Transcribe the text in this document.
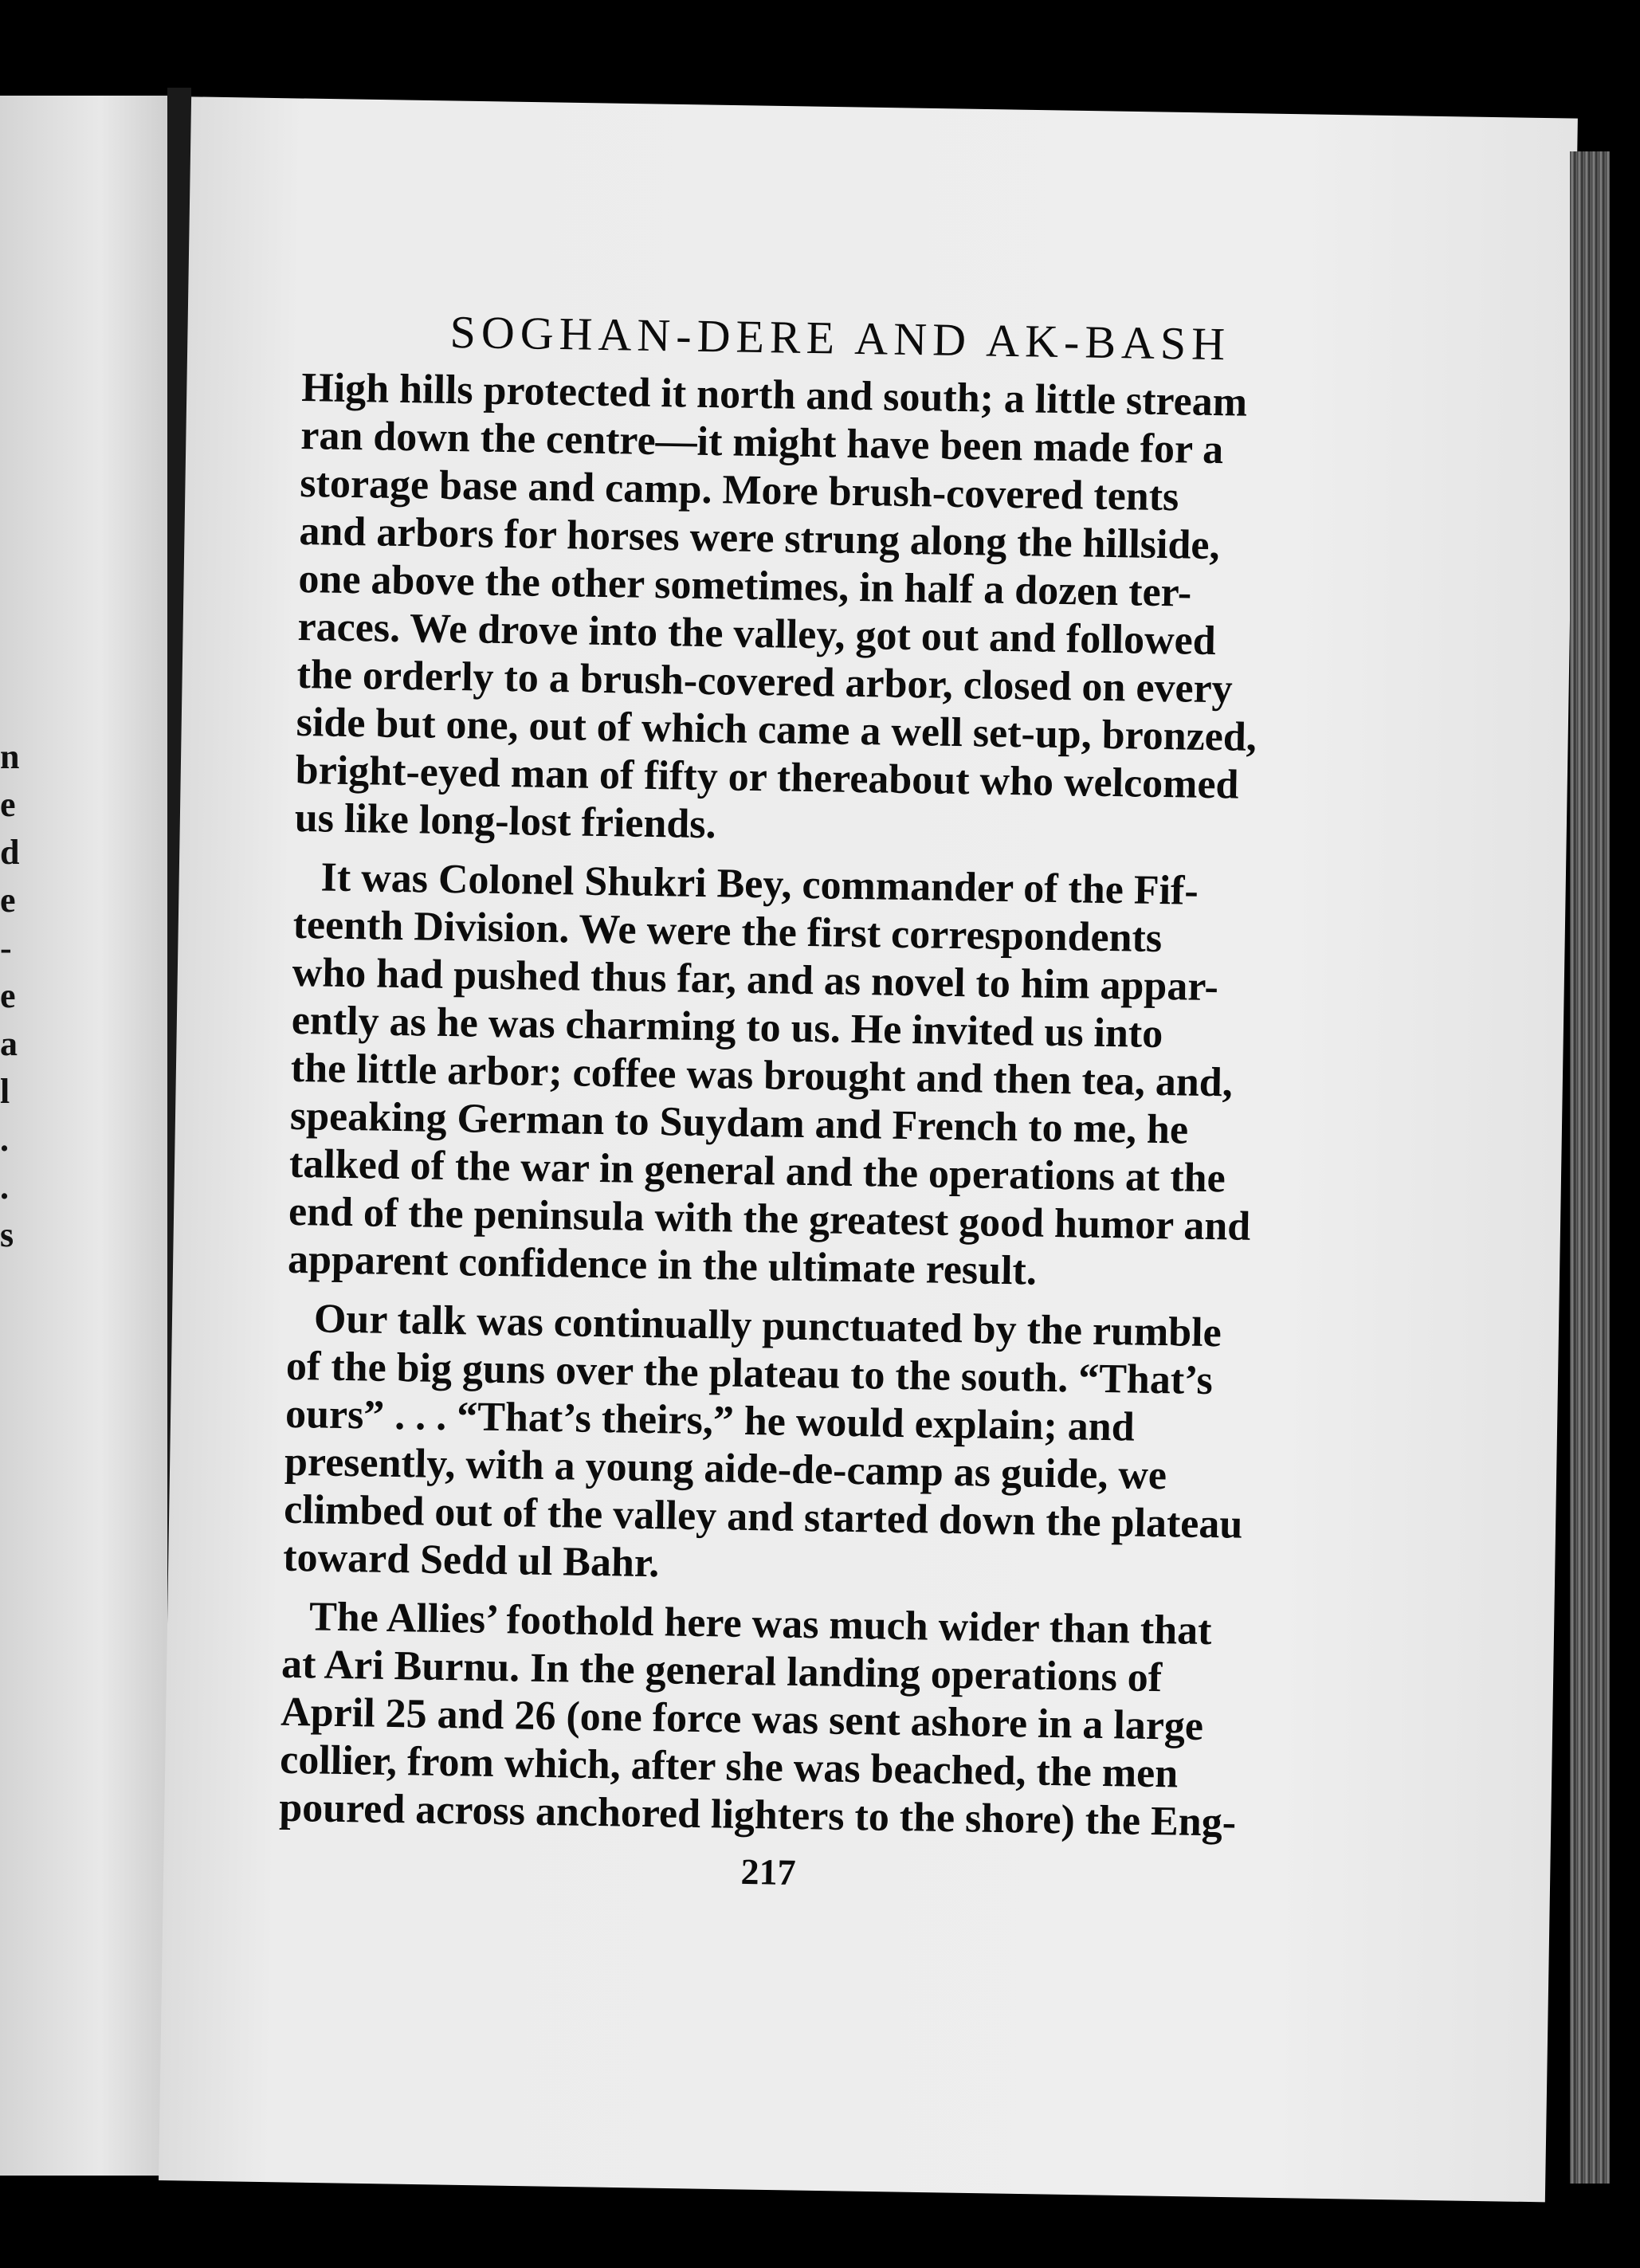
n
e
d
e
-
e
a
l
.
.
s
SOGHAN-DERE AND AK-BASH
High hills protected it north and south; a little stream
ran down the centre—it might have been made for a
storage base and camp. More brush-covered tents
and arbors for horses were strung along the hillside,
one above the other sometimes, in half a dozen ter-
races. We drove into the valley, got out and followed
the orderly to a brush-covered arbor, closed on every
side but one, out of which came a well set-up, bronzed,
bright-eyed man of fifty or thereabout who welcomed
us like long-lost friends.
It was Colonel Shukri Bey, commander of the Fif-
teenth Division. We were the first correspondents
who had pushed thus far, and as novel to him appar-
ently as he was charming to us. He invited us into
the little arbor; coffee was brought and then tea, and,
speaking German to Suydam and French to me, he
talked of the war in general and the operations at the
end of the peninsula with the greatest good humor and
apparent confidence in the ultimate result.
Our talk was continually punctuated by the rumble
of the big guns over the plateau to the south. “That’s
ours” . . . “That’s theirs,” he would explain; and
presently, with a young aide-de-camp as guide, we
climbed out of the valley and started down the plateau
toward Sedd ul Bahr.
The Allies’ foothold here was much wider than that
at Ari Burnu. In the general landing operations of
April 25 and 26 (one force was sent ashore in a large
collier, from which, after she was beached, the men
poured across anchored lighters to the shore) the Eng-
217
